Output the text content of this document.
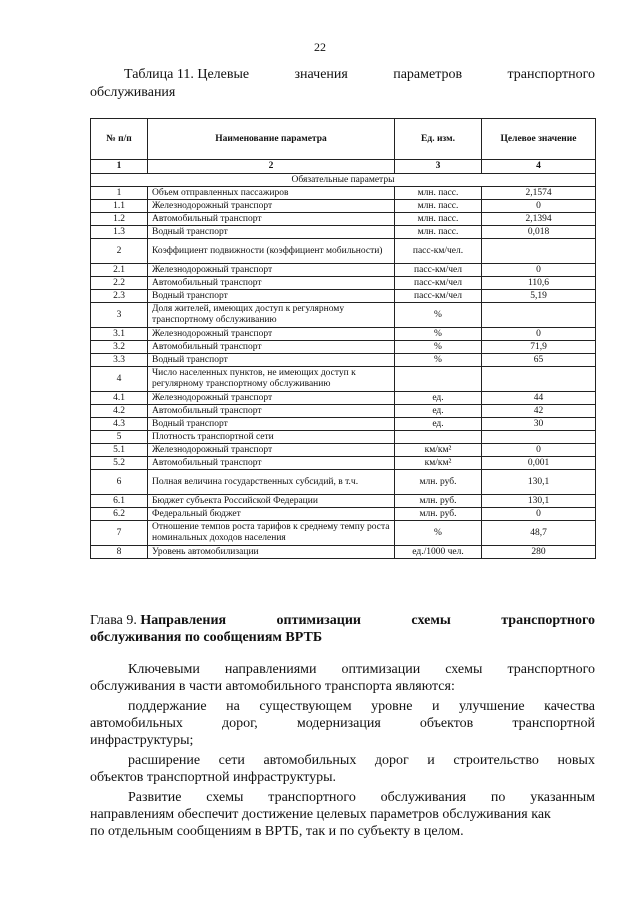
22
Таблица 11. Целевые	значения	параметров	транспортного
обслуживания
№ п/п	Наименование параметра	Ед. изм.	Целевое значение
1	2	3	4
Обязательные параметры			
1	Объем отправленных пассажиров	млн. пасс.	2,1574
1.1	Железнодорожный транспорт	млн. пасс.	0
1.2	Автомобильный транспорт	млн. пасс.	2,1394
1.3	Водный транспорт	млн. пасс.	0,018
2	Коэффициент подвижности (коэффициент мобильности)	пасс-км/чел.	
2.1	Железнодорожный транспорт	пасс-км/чел	0
2.2	Автомобильный транспорт	пасс-км/чел	110,6
2.3	Водный транспорт	пасс-км/чел	5,19
3	Доля жителей, имеющих доступ к регулярному транспортному обслуживанию	%	
3.1	Железнодорожный транспорт	%	0
3.2	Автомобильный транспорт	%	71,9
3.3	Водный транспорт	%	65
4	Число населенных пунктов, не имеющих доступ к регулярному транспортному обслуживанию		
4.1	Железнодорожный транспорт	ед.	44
4.2	Автомобильный транспорт	ед.	42
4.3	Водный транспорт	ед.	30
5	Плотность транспортной сети		
5.1	Железнодорожный транспорт	км/км²	0
5.2	Автомобильный транспорт	км/км²	0,001
6	Полная величина государственных субсидий, в т.ч.	млн. руб.	130,1
6.1	Бюджет субъекта Российской Федерации	млн. руб.	130,1
6.2	Федеральный бюджет	млн. руб.	0
7	Отношение темпов роста тарифов к среднему темпу роста номинальных доходов населения	%	48,7
8	Уровень автомобилизации	ед./1000 чел.	280
Глава 9. Направления	оптимизации	схемы	транспортного
обслуживания по сообщениям ВРТБ
Ключевыми направлениями оптимизации схемы транспортного
обслуживания в части автомобильного транспорта являются:
поддержание на существующем уровне и улучшение качества
автомобильных	дорог,	модернизация	объектов	транспортной
инфраструктуры;
расширение сети автомобильных дорог и строительство новых
объектов транспортной инфраструктуры.
Развитие схемы транспортного обслуживания по указанным
направлениям обеспечит достижение целевых параметров обслуживания как
по отдельным сообщениям в ВРТБ, так и по субъекту в целом.
